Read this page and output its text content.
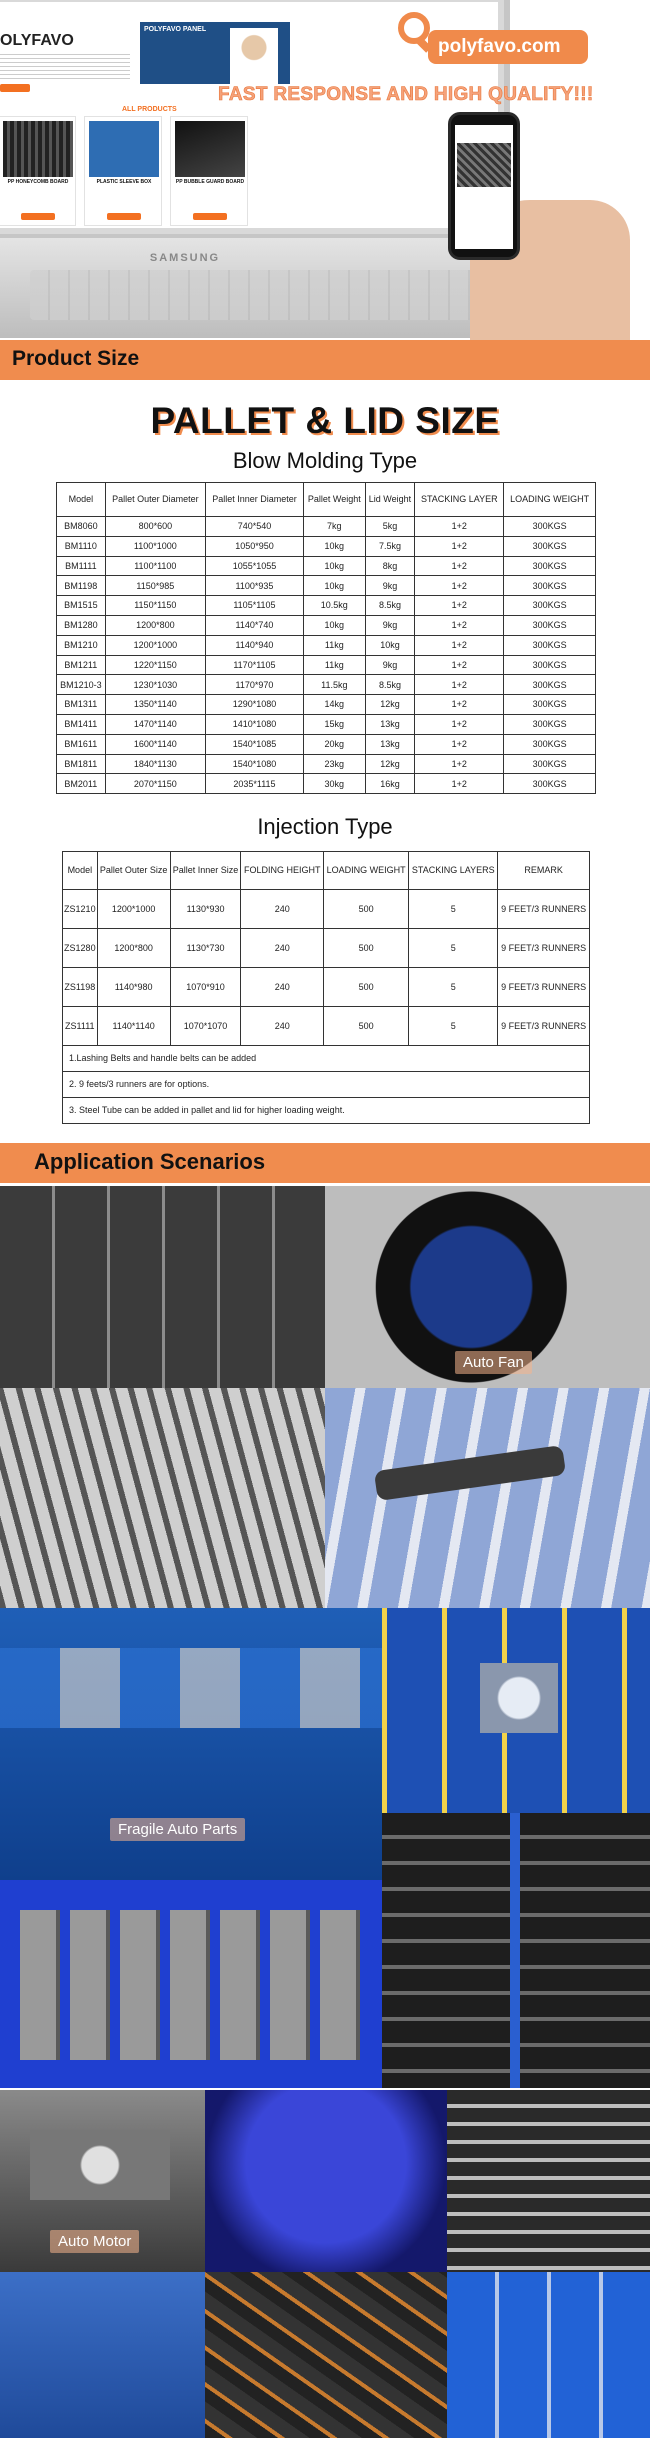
OLYFAVO
POLYFAVO PANEL
ALL PRODUCTS
PP HONEYCOMB BOARD	PLASTIC SLEEVE BOX	PP BUBBLE GUARD BOARD
SAMSUNG
polyfavo.com
FAST RESPONSE AND HIGH QUALITY!!!
Product Size
PALLET & LID SIZE
Blow Molding Type
Model	Pallet Outer Diameter	Pallet Inner Diameter	Pallet Weight	Lid Weight	STACKING LAYER	LOADING WEIGHT
BM8060	800*600	740*540	7kg	5kg	1+2	300KGS
BM1110	1100*1000	1050*950	10kg	7.5kg	1+2	300KGS
BM1111	1100*1100	1055*1055	10kg	8kg	1+2	300KGS
BM1198	1150*985	1100*935	10kg	9kg	1+2	300KGS
BM1515	1150*1150	1105*1105	10.5kg	8.5kg	1+2	300KGS
BM1280	1200*800	1140*740	10kg	9kg	1+2	300KGS
BM1210	1200*1000	1140*940	11kg	10kg	1+2	300KGS
BM1211	1220*1150	1170*1105	11kg	9kg	1+2	300KGS
BM1210-3	1230*1030	1170*970	11.5kg	8.5kg	1+2	300KGS
BM1311	1350*1140	1290*1080	14kg	12kg	1+2	300KGS
BM1411	1470*1140	1410*1080	15kg	13kg	1+2	300KGS
BM1611	1600*1140	1540*1085	20kg	13kg	1+2	300KGS
BM1811	1840*1130	1540*1080	23kg	12kg	1+2	300KGS
BM2011	2070*1150	2035*1115	30kg	16kg	1+2	300KGS
Injection Type
Model	Pallet Outer Size	Pallet Inner Size	FOLDING HEIGHT	LOADING WEIGHT	STACKING LAYERS	REMARK
ZS1210	1200*1000	1130*930	240	500	5	9 FEET/3 RUNNERS
ZS1280	1200*800	1130*730	240	500	5	9 FEET/3 RUNNERS
ZS1198	1140*980	1070*910	240	500	5	9 FEET/3 RUNNERS
ZS1111	1140*1140	1070*1070	240	500	5	9 FEET/3 RUNNERS
1.Lashing Belts and handle belts can be added						
2. 9 feets/3 runners are for options.						
3. Steel Tube can be added in pallet and lid for higher loading weight.						
Application Scenarios
Auto Fan
Fragile Auto Parts
Auto Motor
